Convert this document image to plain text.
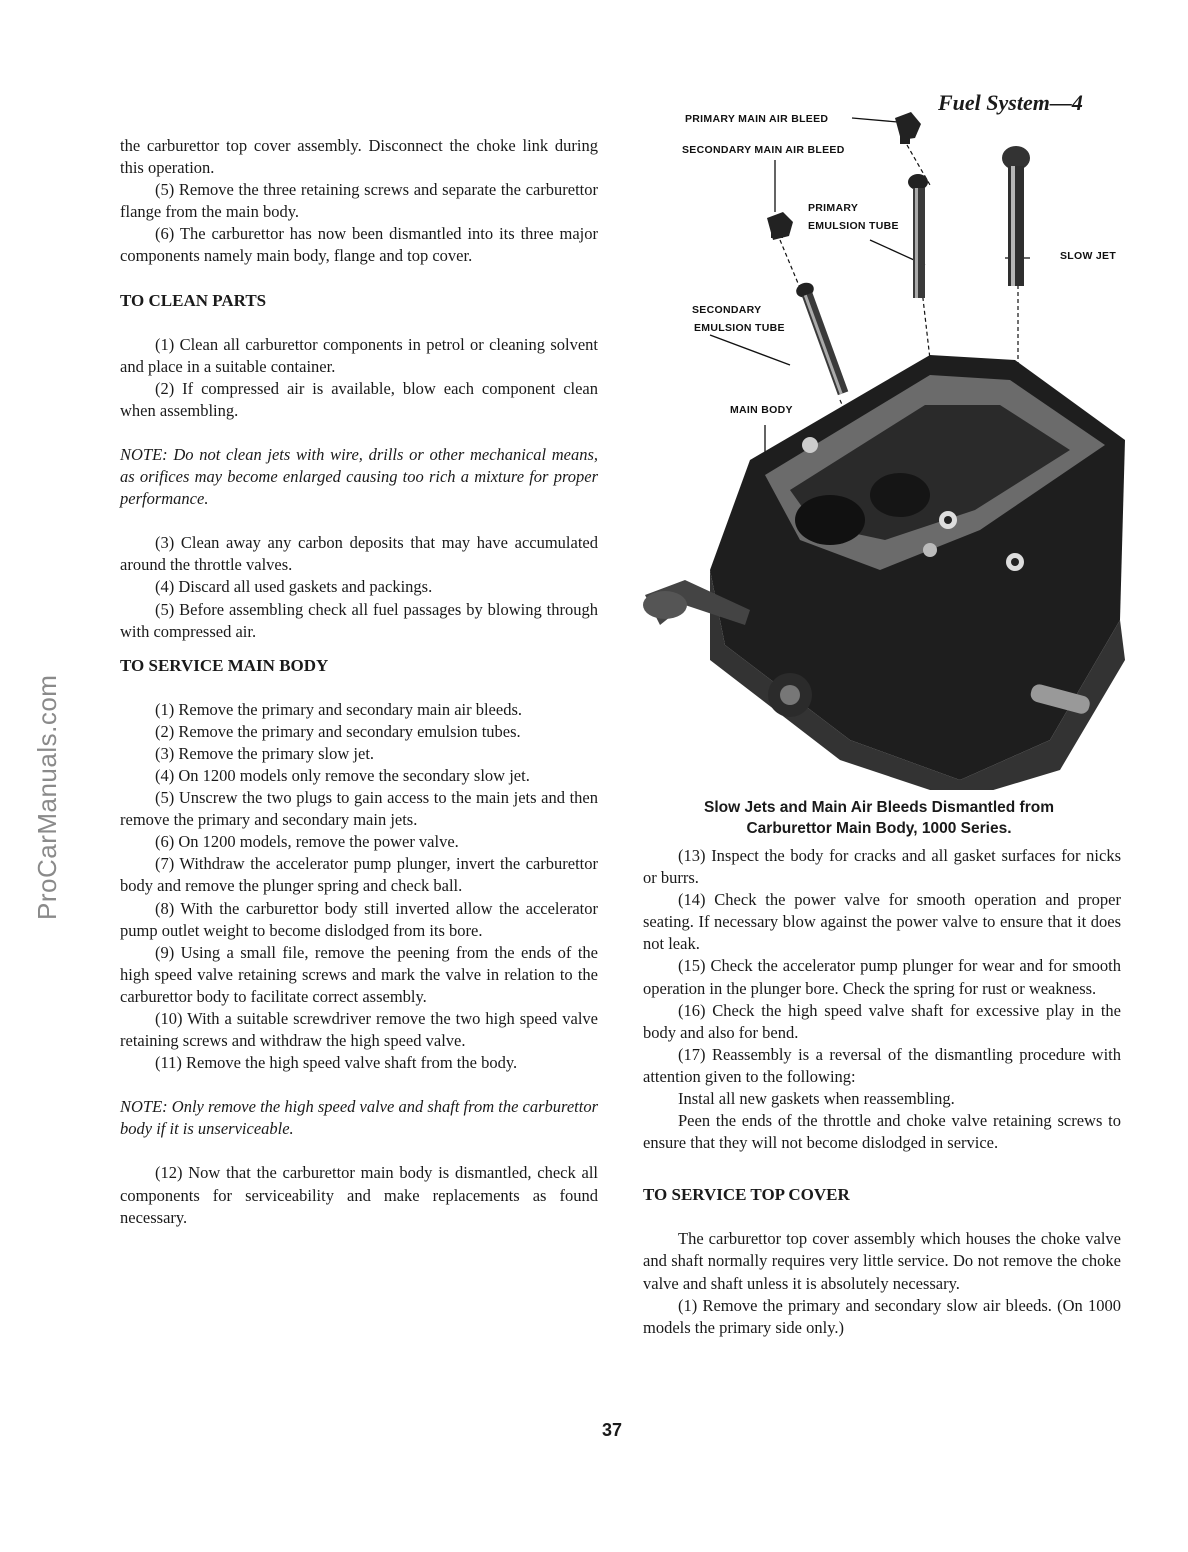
ProCarManuals.com
Fuel System—4

the carburettor top cover assembly. Disconnect the choke link during this operation.

(5) Remove the three retaining screws and separate the carburettor flange from the main body.

(6) The carburettor has now been dismantled into its three major components namely main body, flange and top cover.

TO CLEAN PARTS

(1) Clean all carburettor components in petrol or cleaning solvent and place in a suitable container.

(2) If compressed air is available, blow each component clean when assembling.

NOTE: Do not clean jets with wire, drills or other mechanical means, as orifices may become enlarged causing too rich a mixture for proper performance.

(3) Clean away any carbon deposits that may have accumulated around the throttle valves.

(4) Discard all used gaskets and packings.

(5) Before assembling check all fuel passages by blowing through with compressed air.

TO SERVICE MAIN BODY

(1) Remove the primary and secondary main air bleeds.

(2) Remove the primary and secondary emulsion tubes.

(3) Remove the primary slow jet.

(4) On 1200 models only remove the secondary slow jet.

(5) Unscrew the two plugs to gain access to the main jets and then remove the primary and secondary main jets.

(6) On 1200 models, remove the power valve.

(7) Withdraw the accelerator pump plunger, invert the carburettor body and remove the plunger spring and check ball.

(8) With the carburettor body still inverted allow the accelerator pump outlet weight to become dislodged from its bore.

(9) Using a small file, remove the peening from the ends of the high speed valve retaining screws and mark the valve in relation to the carburettor body to facilitate correct assembly.

(10) With a suitable screwdriver remove the two high speed valve retaining screws and withdraw the high speed valve.

(11) Remove the high speed valve shaft from the body.

NOTE: Only remove the high speed valve and shaft from the carburettor body if it is unserviceable.

(12) Now that the carburettor main body is dismantled, check all components for serviceability and make replacements as found necessary.

PRIMARY MAIN AIR BLEED
SECONDARY MAIN AIR BLEED
PRIMARY
EMULSION TUBE
SLOW JET
SECONDARY
EMULSION TUBE
MAIN BODY
Slow Jets and Main Air Bleeds Dismantled from
Carburettor Main Body, 1000 Series.

(13) Inspect the body for cracks and all gasket surfaces for nicks or burrs.

(14) Check the power valve for smooth operation and proper seating. If necessary blow against the power valve to ensure that it does not leak.

(15) Check the accelerator pump plunger for wear and for smooth operation in the plunger bore. Check the spring for rust or weakness.

(16) Check the high speed valve shaft for excessive play in the body and also for bend.

(17) Reassembly is a reversal of the dismantling procedure with attention given to the following:

Instal all new gaskets when reassembling.

Peen the ends of the throttle and choke valve retaining screws to ensure that they will not become dislodged in service.

TO SERVICE TOP COVER

The carburettor top cover assembly which houses the choke valve and shaft normally requires very little service. Do not remove the choke valve and shaft unless it is absolutely necessary.

(1) Remove the primary and secondary slow air bleeds. (On 1000 models the primary side only.)

37
